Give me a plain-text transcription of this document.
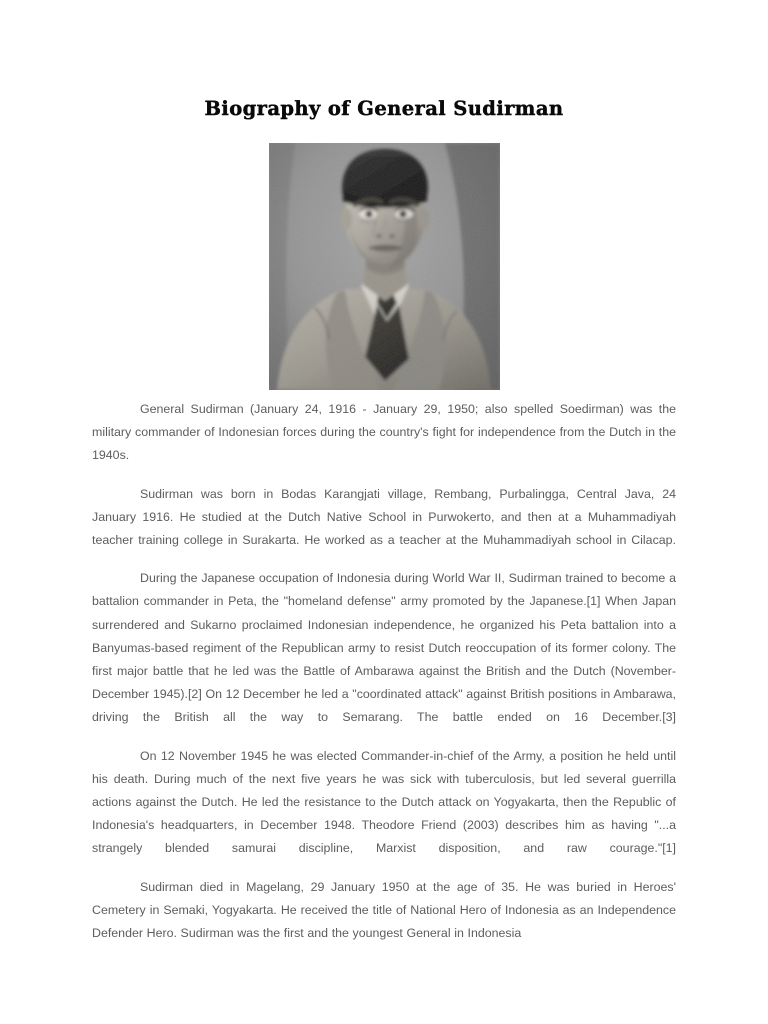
Biography of General Sudirman

General Sudirman (January 24, 1916 - January 29, 1950; also spelled Soedirman) was the military commander of Indonesian forces during the country's fight for independence from the Dutch in the 1940s.

Sudirman was born in Bodas Karangjati village, Rembang, Purbalingga, Central Java, 24 January 1916. He studied at the Dutch Native School in Purwokerto, and then at a Muhammadiyah teacher training college in Surakarta. He worked as a teacher at the Muhammadiyah school in Cilacap.

During the Japanese occupation of Indonesia during World War II, Sudirman trained to become a battalion commander in Peta, the "homeland defense" army promoted by the Japanese.[1] When Japan surrendered and Sukarno proclaimed Indonesian independence, he organized his Peta battalion into a Banyumas-based regiment of the Republican army to resist Dutch reoccupation of its former colony. The first major battle that he led was the Battle of Ambarawa against the British and the Dutch (November-December 1945).[2] On 12 December he led a "coordinated attack" against British positions in Ambarawa, driving the British all the way to Semarang. The battle ended on 16 December.[3]

On 12 November 1945 he was elected Commander-in-chief of the Army, a position he held until his death. During much of the next five years he was sick with tuberculosis, but led several guerrilla actions against the Dutch. He led the resistance to the Dutch attack on Yogyakarta, then the Republic of Indonesia's headquarters, in December 1948. Theodore Friend (2003) describes him as having "...a strangely blended samurai discipline, Marxist disposition, and raw courage."[1]

Sudirman died in Magelang, 29 January 1950 at the age of 35. He was buried in Heroes' Cemetery in Semaki, Yogyakarta. He received the title of National Hero of Indonesia as an Independence Defender Hero. Sudirman was the first and the youngest General in Indonesia
